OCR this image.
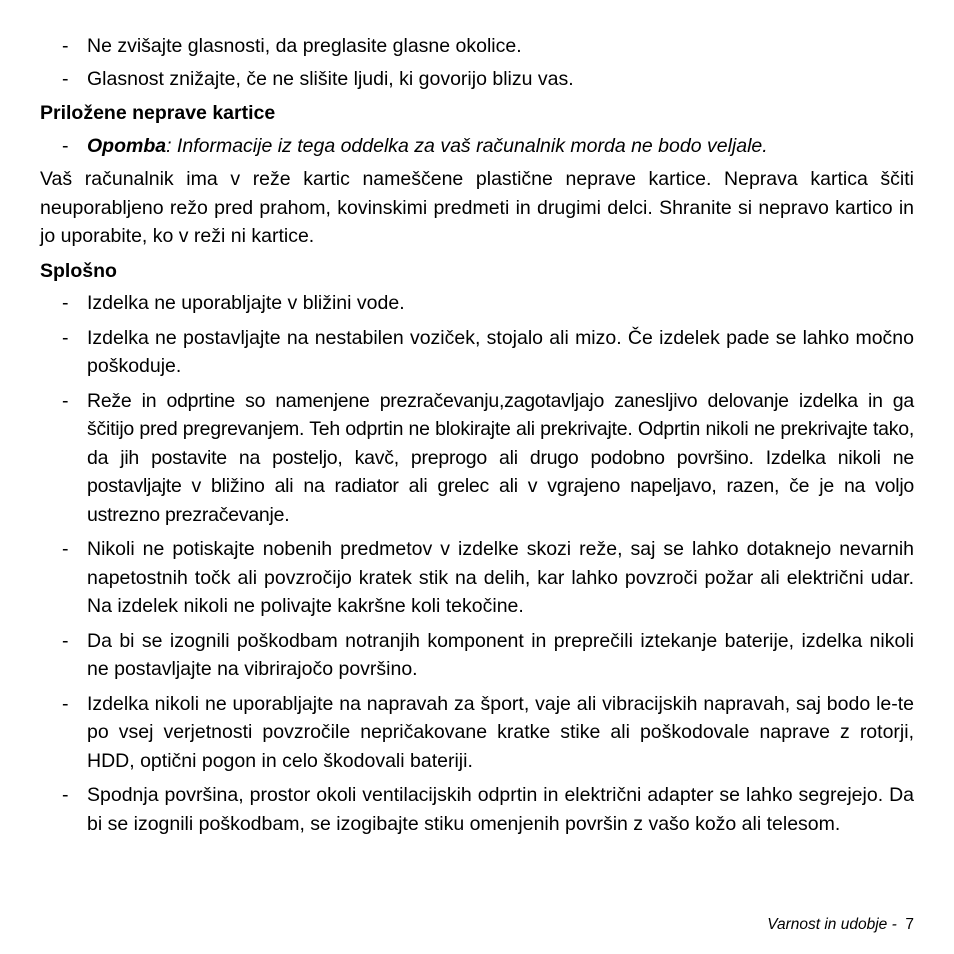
- Ne zvišajte glasnosti, da preglasite glasne okolice.
- Glasnost znižajte, če ne slišite ljudi, ki govorijo blizu vas.
Priložene neprave kartice
- Opomba: Informacije iz tega oddelka za vaš računalnik morda ne bodo veljale.
Vaš računalnik ima v reže kartic nameščene plastične neprave kartice. Neprava kartica ščiti neuporabljeno režo pred prahom, kovinskimi predmeti in drugimi delci. Shranite si nepravo kartico in jo uporabite, ko v reži ni kartice.
Splošno
- Izdelka ne uporabljajte v bližini vode.
- Izdelka ne postavljajte na nestabilen voziček, stojalo ali mizo. Če izdelek pade se lahko močno poškoduje.
- Reže in odprtine so namenjene prezračevanju,zagotavljajo zanesljivo delovanje izdelka in ga ščitijo pred pregrevanjem. Teh odprtin ne blokirajte ali prekrivajte. Odprtin nikoli ne prekrivajte tako, da jih postavite na posteljo, kavč, preprogo ali drugo podobno površino. Izdelka nikoli ne postavljajte v bližino ali na radiator ali grelec ali v vgrajeno napeljavo, razen, če je na voljo ustrezno prezračevanje.
- Nikoli ne potiskajte nobenih predmetov v izdelke skozi reže, saj se lahko dotaknejo nevarnih napetostnih točk ali povzročijo kratek stik na delih, kar lahko povzroči požar ali električni udar. Na izdelek nikoli ne polivajte kakršne koli tekočine.
- Da bi se izognili poškodbam notranjih komponent in preprečili iztekanje baterije, izdelka nikoli ne postavljajte na vibrirajočo površino.
- Izdelka nikoli ne uporabljajte na napravah za šport, vaje ali vibracijskih napravah, saj bodo le-te po vsej verjetnosti povzročile nepričakovane kratke stike ali poškodovale naprave z rotorji, HDD, optični pogon in celo škodovali bateriji.
- Spodnja površina, prostor okoli ventilacijskih odprtin in električni adapter se lahko segrejejo. Da bi se izognili poškodbam, se izogibajte stiku omenjenih površin z vašo kožo ali telesom.
Varnost in udobje - 7
